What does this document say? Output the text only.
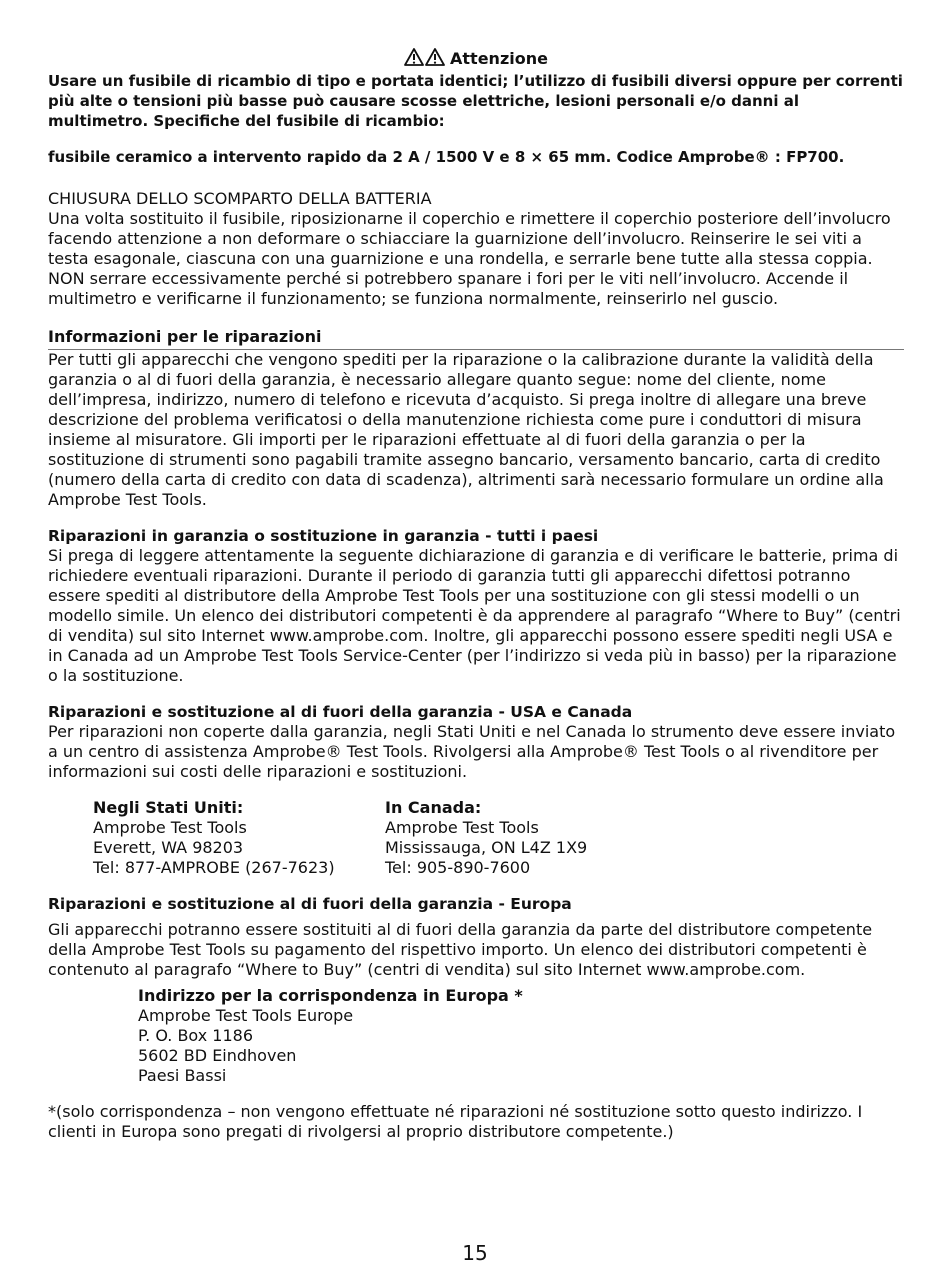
Attenzione

Usare un fusibile di ricambio di tipo e portata identici; l’utilizzo di fusibili diversi oppure per correnti più alte o tensioni più basse può causare scosse elettriche, lesioni personali e/o danni al multimetro. Specifiche del fusibile di ricambio:

fusibile ceramico a intervento rapido da 2 A / 1500 V e 8 × 65 mm. Codice Amprobe® : FP700.

CHIUSURA DELLO SCOMPARTO DELLA BATTERIA

Una volta sostituito il fusibile, riposizionarne il coperchio e rimettere il coperchio posteriore dell’involucro facendo attenzione a non deformare o schiacciare la guarnizione dell’involucro. Reinserire le sei viti a testa esagonale, ciascuna con una guarnizione e una rondella, e serrarle bene tutte alla stessa coppia. NON serrare eccessivamente perché si potrebbero spanare i fori per le viti nell’involucro. Accende il multimetro e verificarne il funzionamento; se funziona normalmente, reinserirlo nel guscio.

Informazioni per le riparazioni

Per tutti gli apparecchi che vengono spediti per la riparazione o la calibrazione durante la validità della garanzia o al di fuori della garanzia, è necessario allegare quanto segue: nome del cliente, nome dell’impresa, indirizzo, numero di telefono e ricevuta d’acquisto. Si prega inoltre di allegare una breve descrizione del problema verificatosi o della manutenzione richiesta come pure i conduttori di misura insieme al misuratore. Gli importi per le riparazioni effettuate al di fuori della garanzia o per la sostituzione di strumenti sono pagabili tramite assegno bancario, versamento bancario, carta di credito (numero della carta di credito con data di scadenza), altrimenti sarà necessario formulare un ordine alla Amprobe Test Tools.

Riparazioni in garanzia o sostituzione in garanzia - tutti i paesi

Si prega di leggere attentamente la seguente dichiarazione di garanzia e di verificare le batterie, prima di richiedere eventuali riparazioni. Durante il periodo di garanzia tutti gli apparecchi difettosi potranno essere spediti al distributore della Amprobe Test Tools per una sostituzione con gli stessi modelli o un modello simile. Un elenco dei distributori competenti è da apprendere al paragrafo “Where to Buy” (centri di vendita) sul sito Internet www.amprobe.com. Inoltre, gli apparecchi possono essere spediti negli USA e in Canada ad un Amprobe Test Tools Service-Center (per l’indirizzo si veda più in basso) per la riparazione o la sostituzione.

Riparazioni e sostituzione al di fuori della garanzia - USA e Canada

Per riparazioni non coperte dalla garanzia, negli Stati Uniti e nel Canada lo strumento deve essere inviato a un centro di assistenza Amprobe® Test Tools. Rivolgersi alla Amprobe® Test Tools o al rivenditore per informazioni sui costi delle riparazioni e sostituzioni.

Negli Stati Uniti:

Amprobe Test Tools

Everett, WA 98203

Tel: 877-AMPROBE (267-7623)

In Canada:

Amprobe Test Tools

Mississauga, ON L4Z 1X9

Tel: 905-890-7600

Riparazioni e sostituzione al di fuori della garanzia - Europa

Gli apparecchi potranno essere sostituiti al di fuori della garanzia da parte del distributore competente della Amprobe Test Tools su pagamento del rispettivo importo. Un elenco dei distributori competenti è contenuto al paragrafo “Where to Buy” (centri di vendita) sul sito Internet www.amprobe.com.

Indirizzo per la corrispondenza in Europa *

Amprobe Test Tools Europe

P. O. Box 1186

5602 BD Eindhoven

Paesi Bassi

*(solo corrispondenza – non vengono effettuate né riparazioni né sostituzione sotto questo indirizzo. I clienti in Europa sono pregati di rivolgersi al proprio distributore competente.)

15
